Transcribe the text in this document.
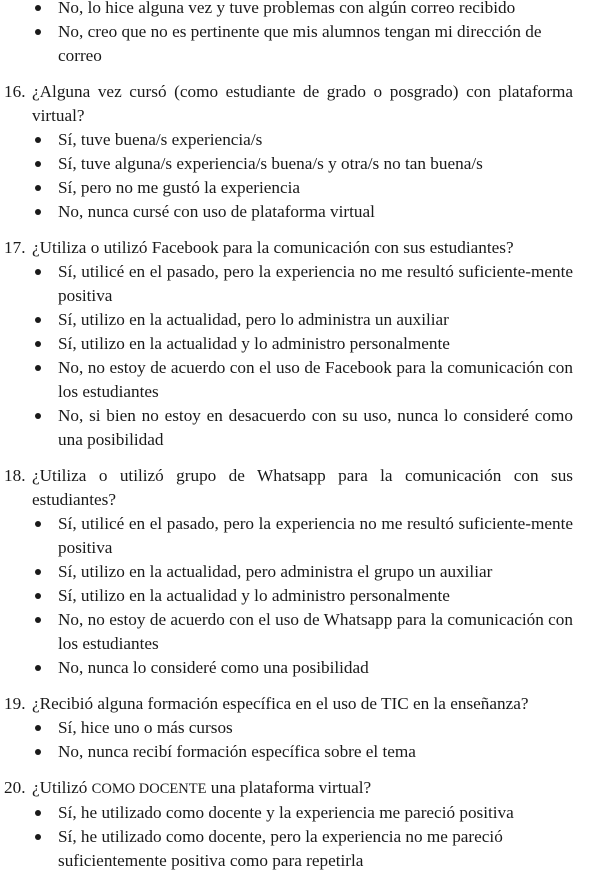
No, lo hice alguna vez y tuve problemas con algún correo recibido
No, creo que no es pertinente que mis alumnos tengan mi dirección de correo
16. ¿Alguna vez cursó (como estudiante de grado o posgrado) con plataforma virtual?
Sí, tuve buena/s experiencia/s
Sí, tuve alguna/s experiencia/s buena/s y otra/s no tan buena/s
Sí, pero no me gustó la experiencia
No, nunca cursé con uso de plataforma virtual
17. ¿Utiliza o utilizó Facebook para la comunicación con sus estudiantes?
Sí, utilicé en el pasado, pero la experiencia no me resultó suficiente-mente positiva
Sí, utilizo en la actualidad, pero lo administra un auxiliar
Sí, utilizo en la actualidad y lo administro personalmente
No, no estoy de acuerdo con el uso de Facebook para la comunicación con los estudiantes
No, si bien no estoy en desacuerdo con su uso, nunca lo consideré como una posibilidad
18. ¿Utiliza o utilizó grupo de Whatsapp para la comunicación con sus estudiantes?
Sí, utilicé en el pasado, pero la experiencia no me resultó suficiente-mente positiva
Sí, utilizo en la actualidad, pero administra el grupo un auxiliar
Sí, utilizo en la actualidad y lo administro personalmente
No, no estoy de acuerdo con el uso de Whatsapp para la comunicación con los estudiantes
No, nunca lo consideré como una posibilidad
19. ¿Recibió alguna formación específica en el uso de TIC en la enseñanza?
Sí, hice uno o más cursos
No, nunca recibí formación específica sobre el tema
20. ¿Utilizó COMO DOCENTE una plataforma virtual?
Sí, he utilizado como docente y la experiencia me pareció positiva
Sí, he utilizado como docente, pero la experiencia no me pareció suficientemente positiva como para repetirla
